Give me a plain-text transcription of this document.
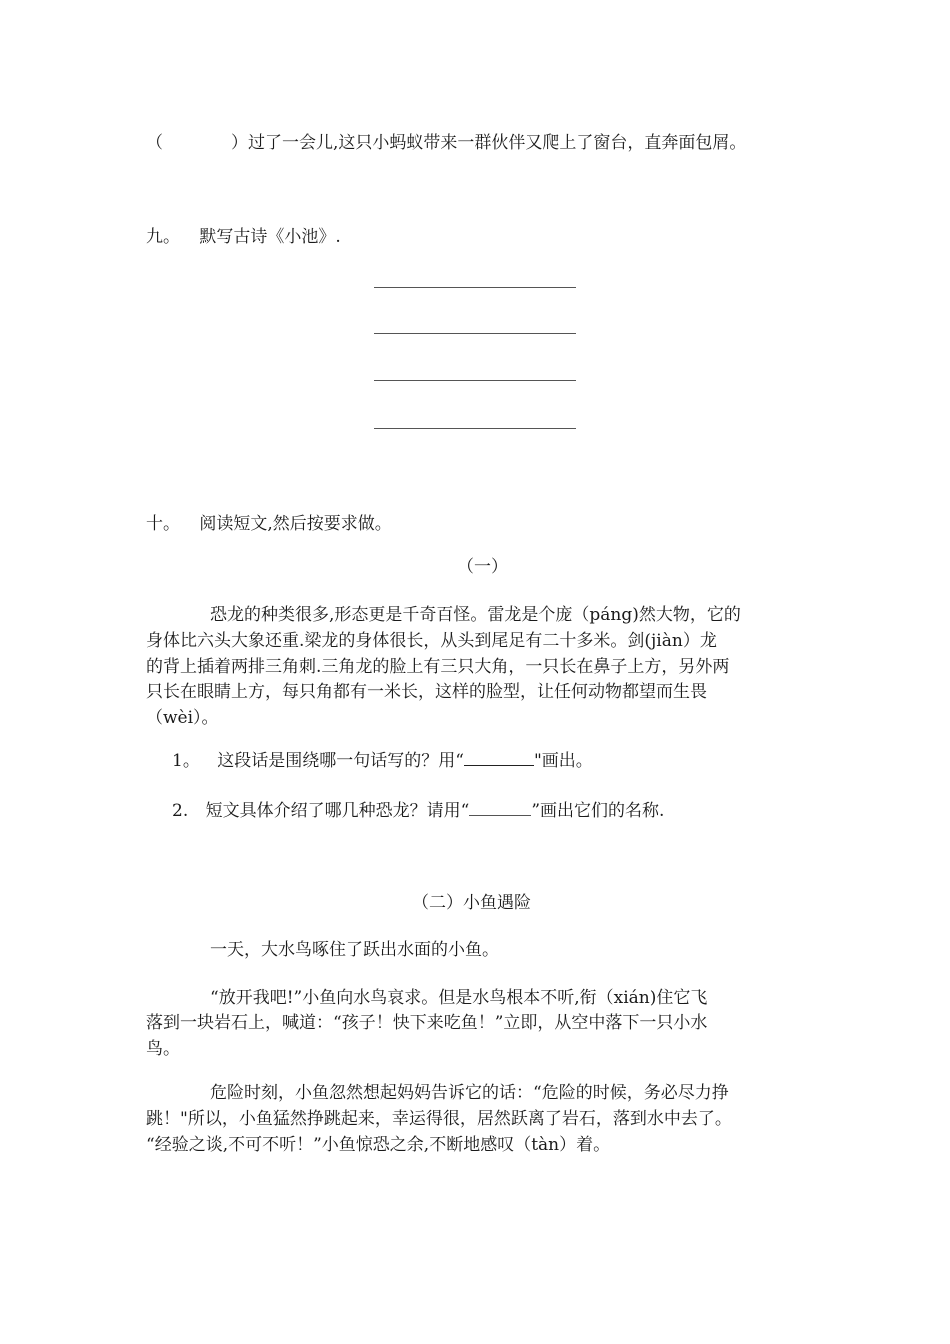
（　　　　）过了一会儿,这只小蚂蚁带来一群伙伴又爬上了窗台，直奔面包屑。
九。 默写古诗《小池》.
十。 阅读短文,然后按要求做。
（一）
恐龙的种类很多,形态更是千奇百怪。雷龙是个庞（páng)然大物，它的
身体比六头大象还重.梁龙的身体很长，从头到尾足有二十多米。剑(jiàn）龙
的背上插着两排三角刺.三角龙的脸上有三只大角，一只长在鼻子上方，另外两
只长在眼睛上方，每只角都有一米长，这样的脸型，让任何动物都望而生畏
（wèi）。
1。 这段话是围绕哪一句话写的？用“	"画出。
2. 短文具体介绍了哪几种恐龙？请用“	”画出它们的名称.
（二）小鱼遇险
一天，大水鸟啄住了跃出水面的小鱼。
“放开我吧!”小鱼向水鸟哀求。但是水鸟根本不听,衔（xián)住它飞
落到一块岩石上，喊道：“孩子！快下来吃鱼！”立即，从空中落下一只小水
鸟。
危险时刻，小鱼忽然想起妈妈告诉它的话：“危险的时候，务必尽力挣
跳！"所以，小鱼猛然挣跳起来，幸运得很，居然跃离了岩石，落到水中去了。
“经验之谈,不可不听！”小鱼惊恐之余,不断地感叹（tàn）着。
